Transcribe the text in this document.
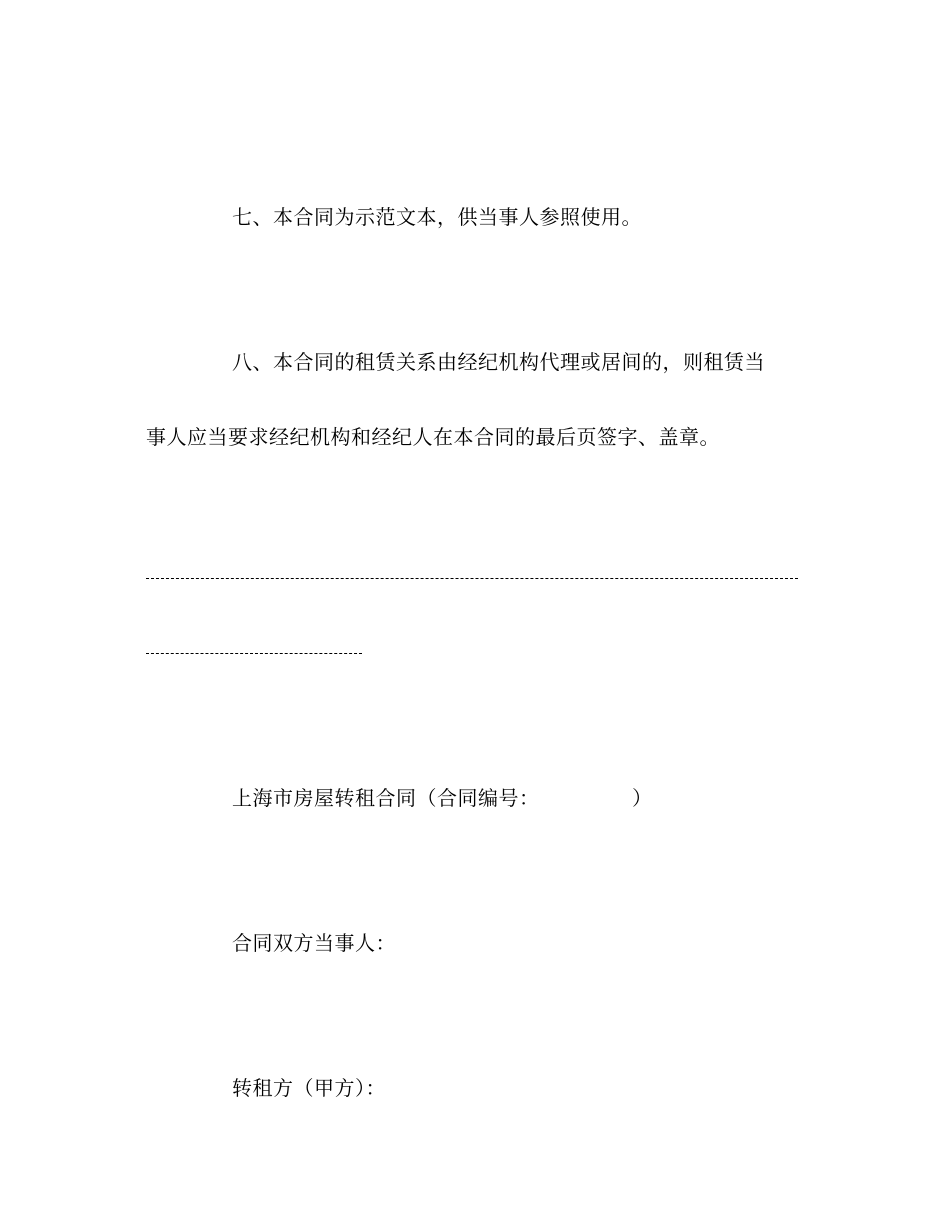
七、本合同为示范文本，供当事人参照使用。
八、本合同的租赁关系由经纪机构代理或居间的，则租赁当
事人应当要求经纪机构和经纪人在本合同的最后页签字、盖章。
上海市房屋转租合同（合同编号：　　　　　）
合同双方当事人：
转租方（甲方）：
